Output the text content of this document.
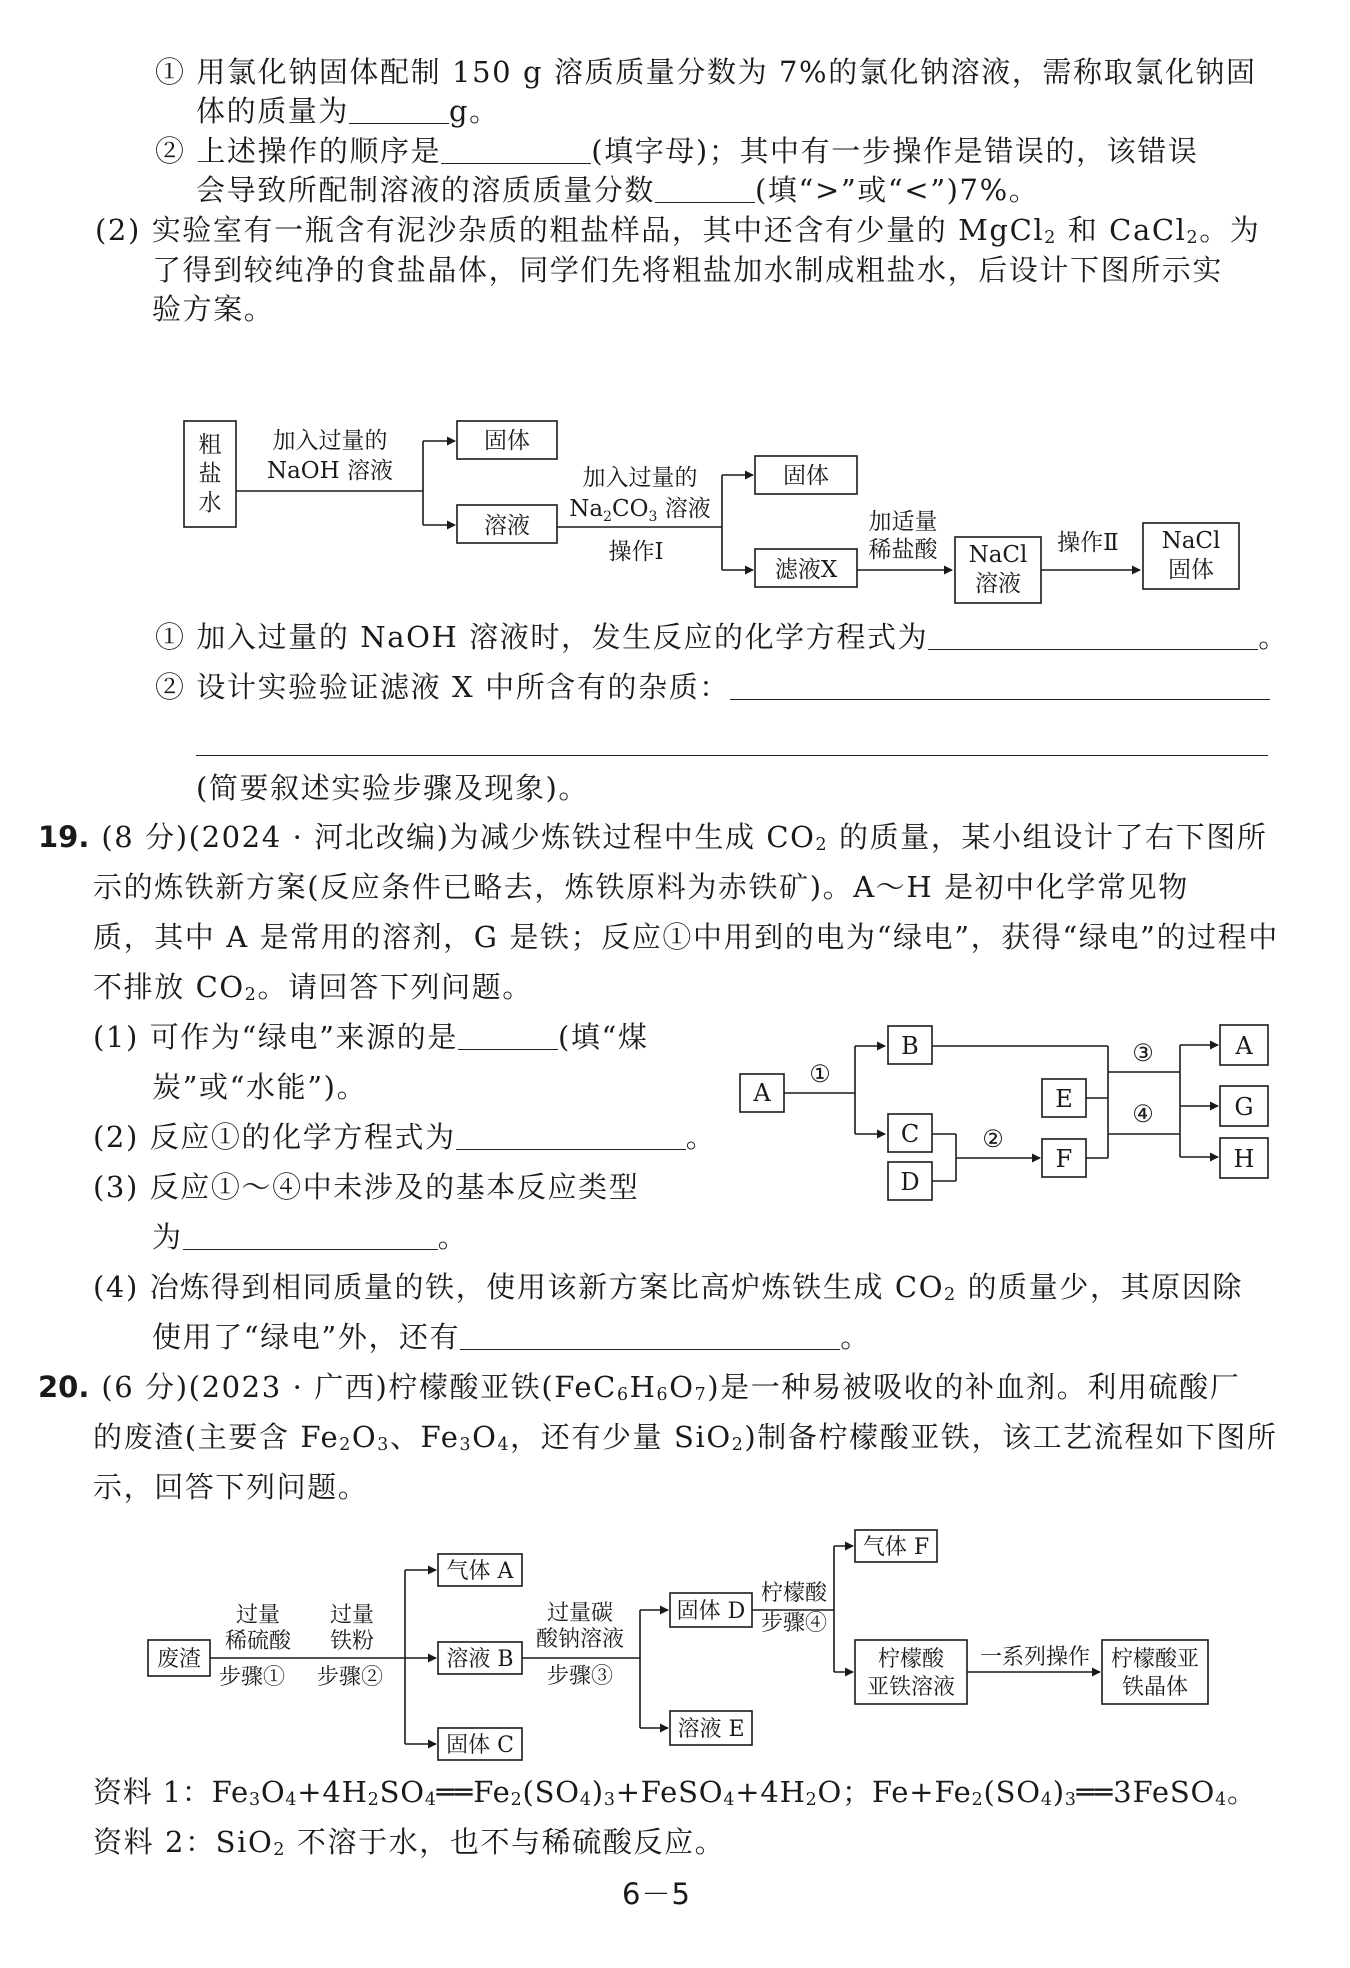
① 用氯化钠固体配制 150 g 溶质质量分数为 7%的氯化钠溶液，需称取氯化钠固
体的质量为	g。
② 上述操作的顺序是	(填字母)；其中有一步操作是错误的，该错误
会导致所配制溶液的溶质质量分数	(填“>”或“<”)7%。
(2) 实验室有一瓶含有泥沙杂质的粗盐样品，其中还含有少量的 MgCl$_2$ 和 CaCl$_2$。为
了得到较纯净的食盐晶体，同学们先将粗盐加水制成粗盐水，后设计下图所示实
验方案。
粗
盐
水
加入过量的
NaOH 溶液
固体
溶液
加入过量的
$Na_2CO_3$ 溶液
操作Ⅰ
固体
滤液X
加适量
稀盐酸 NaCl
溶液
操作Ⅱ NaCl
固体
① 加入过量的 NaOH 溶液时，发生反应的化学方程式为	。
② 设计实验验证滤液 X 中所含有的杂质：
(简要叙述实验步骤及现象)。
19. (8 分)(2024 · 河北改编)为减少炼铁过程中生成 $CO_2$ 的质量，某小组设计了右下图所
示的炼铁新方案(反应条件已略去，炼铁原料为赤铁矿)。A～H 是初中化学常见物
质，其中 A 是常用的溶剂，G 是铁；反应①中用到的电为“绿电”，获得“绿电”的过程中
不排放 $CO_2$。请回答下列问题。
(1) 可作为“绿电”来源的是	(填“煤
炭”或“水能”)。
(2) 反应①的化学方程式为	。
(3) 反应①～④中未涉及的基本反应类型
为	。
(4) 冶炼得到相同质量的铁，使用该新方案比高炉炼铁生成 $CO_2$ 的质量少，其原因除
使用了“绿电”外，还有	。
A
B
C
D
E
F
A
G
H
①
②
③
④
20. (6 分)(2023 · 广西)柠檬酸亚铁$(FeC_6H_6O_7)$是一种易被吸收的补血剂。利用硫酸厂
的废渣(主要含 $Fe_2O_3$、$Fe_3O_4$，还有少量 SiO$_2$)制备柠檬酸亚铁，该工艺流程如下图所
示，回答下列问题。
废渣
过量
稀硫酸
步骤①
过量
铁粉
步骤②
气体 A
溶液 B
固体 C
过量碳
酸钠溶液
步骤③
固体 D
溶液 E
柠檬酸
步骤④
气体 F
柠檬酸
亚铁溶液
一系列操作 柠檬酸亚
铁晶体
资料 1：$Fe_3O_4+4H_2SO_4══Fe_2(SO_4)_3+FeSO_4+4H_2O$；$Fe+Fe_2(SO_4)_3══3FeSO_4$。
资料 2：SiO$_2$ 不溶于水，也不与稀硫酸反应。
6－5
